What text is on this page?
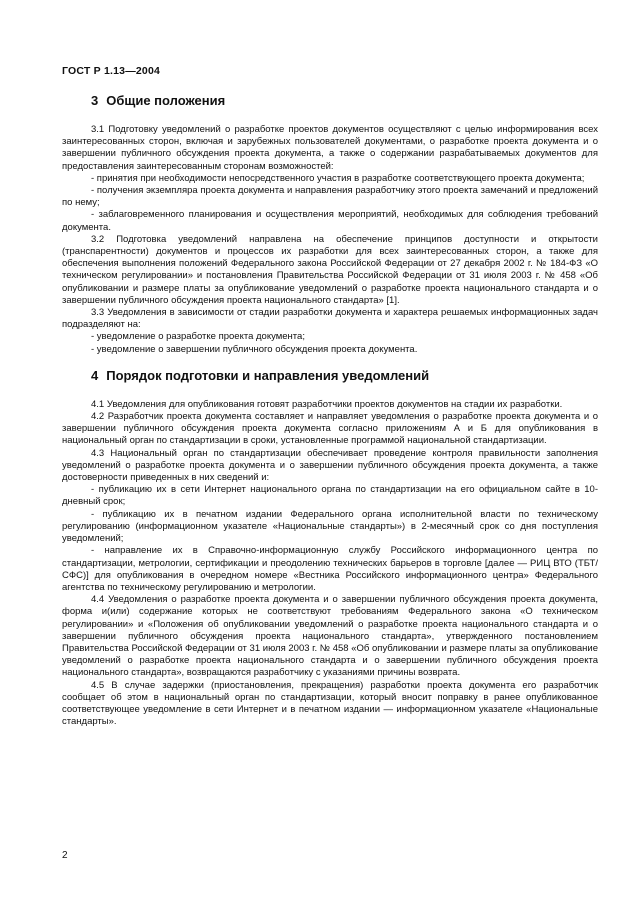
ГОСТ Р 1.13—2004
3 Общие положения

3.1 Подготовку уведомлений о разработке проектов документов осуществляют с целью информирования всех заинтересованных сторон, включая и зарубежных пользователей документами, о разработке проекта документа и о завершении публичного обсуждения проекта документа, а также о содержании разрабатываемых документов для предоставления заинтересованным сторонам возможностей:

- принятия при необходимости непосредственного участия в разработке соответствующего проекта документа;

- получения экземпляра проекта документа и направления разработчику этого проекта замечаний и предложений по нему;

- заблаговременного планирования и осуществления мероприятий, необходимых для соблюдения требований документа.

3.2 Подготовка уведомлений направлена на обеспечение принципов доступности и открытости (транспарентности) документов и процессов их разработки для всех заинтересованных сторон, а также для обеспечения выполнения положений Федерального закона Российской Федерации от 27 декабря 2002 г. № 184-ФЗ «О техническом регулировании» и постановления Правительства Российской Федерации от 31 июля 2003 г. № 458 «Об опубликовании и размере платы за опубликование уведомлений о разработке проекта национального стандарта и о завершении публичного обсуждения проекта национального стандарта» [1].

3.3 Уведомления в зависимости от стадии разработки документа и характера решаемых информационных задач подразделяют на:

- уведомление о разработке проекта документа;

- уведомление о завершении публичного обсуждения проекта документа.

4 Порядок подготовки и направления уведомлений

4.1 Уведомления для опубликования готовят разработчики проектов документов на стадии их разработки.

4.2 Разработчик проекта документа составляет и направляет уведомления о разработке проекта документа и о завершении публичного обсуждения проекта документа согласно приложениям А и Б для опубликования в национальный орган по стандартизации в сроки, установленные программой национальной стандартизации.

4.3 Национальный орган по стандартизации обеспечивает проведение контроля правильности заполнения уведомлений о разработке проекта документа и о завершении публичного обсуждения проекта документа, а также достоверности приведенных в них сведений и:

- публикацию их в сети Интернет национального органа по стандартизации на его официальном сайте в 10-дневный срок;

- публикацию их в печатном издании Федерального органа исполнительной власти по техническому регулированию (информационном указателе «Национальные стандарты») в 2-месячный срок со дня поступления уведомлений;

- направление их в Справочно-информационную службу Российского информационного центра по стандартизации, метрологии, сертификации и преодолению технических барьеров в торговле [далее — РИЦ ВТО (ТБТ/СФС)] для опубликования в очередном номере «Вестника Российского информационного центра» Федерального агентства по техническому регулированию и метрологии.

4.4 Уведомления о разработке проекта документа и о завершении публичного обсуждения проекта документа, форма и(или) содержание которых не соответствуют требованиям Федерального закона «О техническом регулировании» и «Положения об опубликовании уведомлений о разработке проекта национального стандарта и о завершении публичного обсуждения проекта национального стандарта», утвержденного постановлением Правительства Российской Федерации от 31 июля 2003 г. № 458 «Об опубликовании и размере платы за опубликование уведомлений о разработке проекта национального стандарта и о завершении публичного обсуждения проекта национального стандарта», возвращаются разработчику с указаниями причины возврата.

4.5 В случае задержки (приостановления, прекращения) разработки проекта документа его разработчик сообщает об этом в национальный орган по стандартизации, который вносит поправку в ранее опубликованное соответствующее уведомление в сети Интернет и в печатном издании — информационном указателе «Национальные стандарты».

2
